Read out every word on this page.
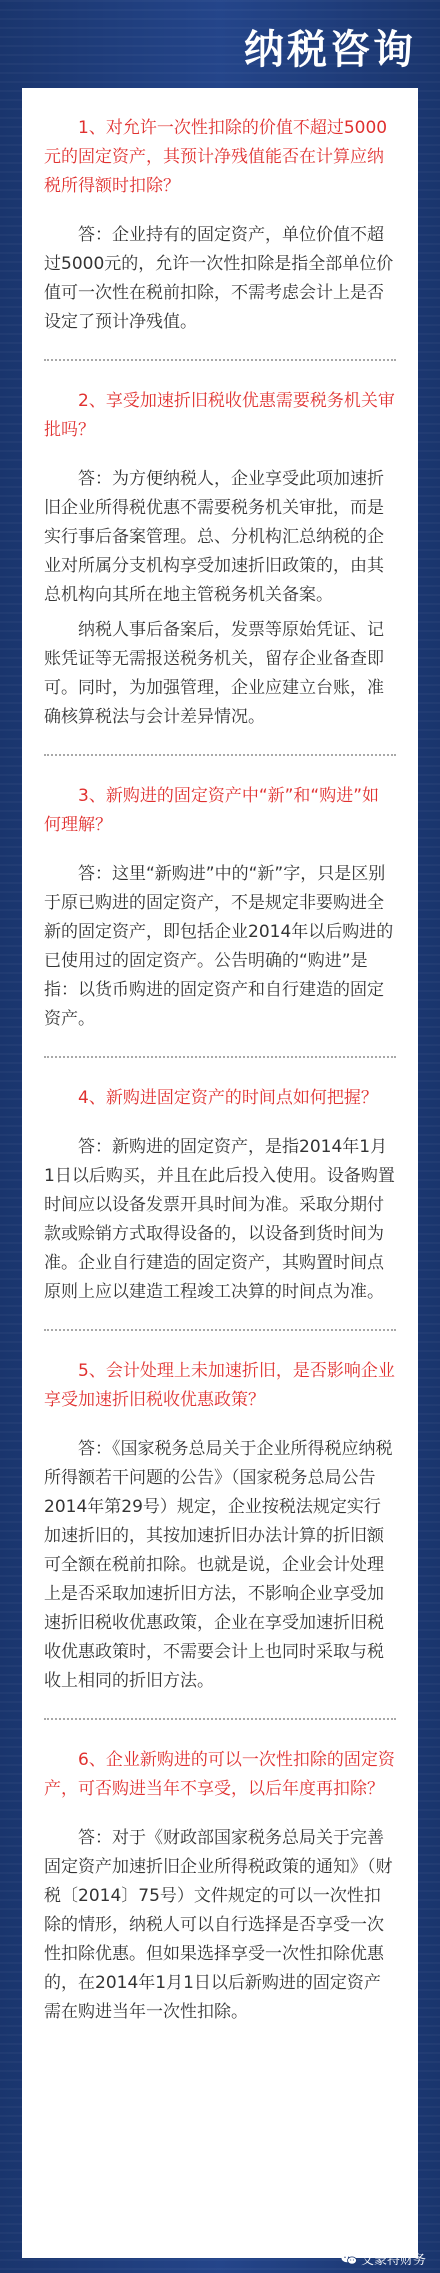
纳税咨询

1、对允许一次性扣除的价值不超过5000元的固定资产，其预计净残值能否在计算应纳税所得额时扣除？

答：企业持有的固定资产，单位价值不超过5000元的，允许一次性扣除是指全部单位价值可一次性在税前扣除，不需考虑会计上是否设定了预计净残值。

2、享受加速折旧税收优惠需要税务机关审批吗？

答：为方便纳税人，企业享受此项加速折旧企业所得税优惠不需要税务机关审批，而是实行事后备案管理。总、分机构汇总纳税的企业对所属分支机构享受加速折旧政策的，由其总机构向其所在地主管税务机关备案。

纳税人事后备案后，发票等原始凭证、记账凭证等无需报送税务机关，留存企业备查即可。同时，为加强管理，企业应建立台账，准确核算税法与会计差异情况。

3、新购进的固定资产中“新”和“购进”如何理解？

答：这里“新购进”中的“新”字，只是区别于原已购进的固定资产，不是规定非要购进全新的固定资产，即包括企业2014年以后购进的已使用过的固定资产。公告明确的“购进”是指：以货币购进的固定资产和自行建造的固定资产。

4、新购进固定资产的时间点如何把握？

答：新购进的固定资产，是指2014年1月1日以后购买，并且在此后投入使用。设备购置时间应以设备发票开具时间为准。采取分期付款或赊销方式取得设备的，以设备到货时间为准。企业自行建造的固定资产，其购置时间点原则上应以建造工程竣工决算的时间点为准。

5、会计处理上未加速折旧，是否影响企业享受加速折旧税收优惠政策？

答：《国家税务总局关于企业所得税应纳税所得额若干问题的公告》（国家税务总局公告2014年第29号）规定，企业按税法规定实行加速折旧的，其按加速折旧办法计算的折旧额可全额在税前扣除。也就是说，企业会计处理上是否采取加速折旧方法，不影响企业享受加速折旧税收优惠政策，企业在享受加速折旧税收优惠政策时，不需要会计上也同时采取与税收上相同的折旧方法。

6、企业新购进的可以一次性扣除的固定资产，可否购进当年不享受，以后年度再扣除？

答：对于《财政部国家税务总局关于完善固定资产加速折旧企业所得税政策的通知》（财税〔2014〕75号）文件规定的可以一次性扣除的情形，纳税人可以自行选择是否享受一次性扣除优惠。但如果选择享受一次性扣除优惠的，在2014年1月1日以后新购进的固定资产需在购进当年一次性扣除。

艾蒙特财务
